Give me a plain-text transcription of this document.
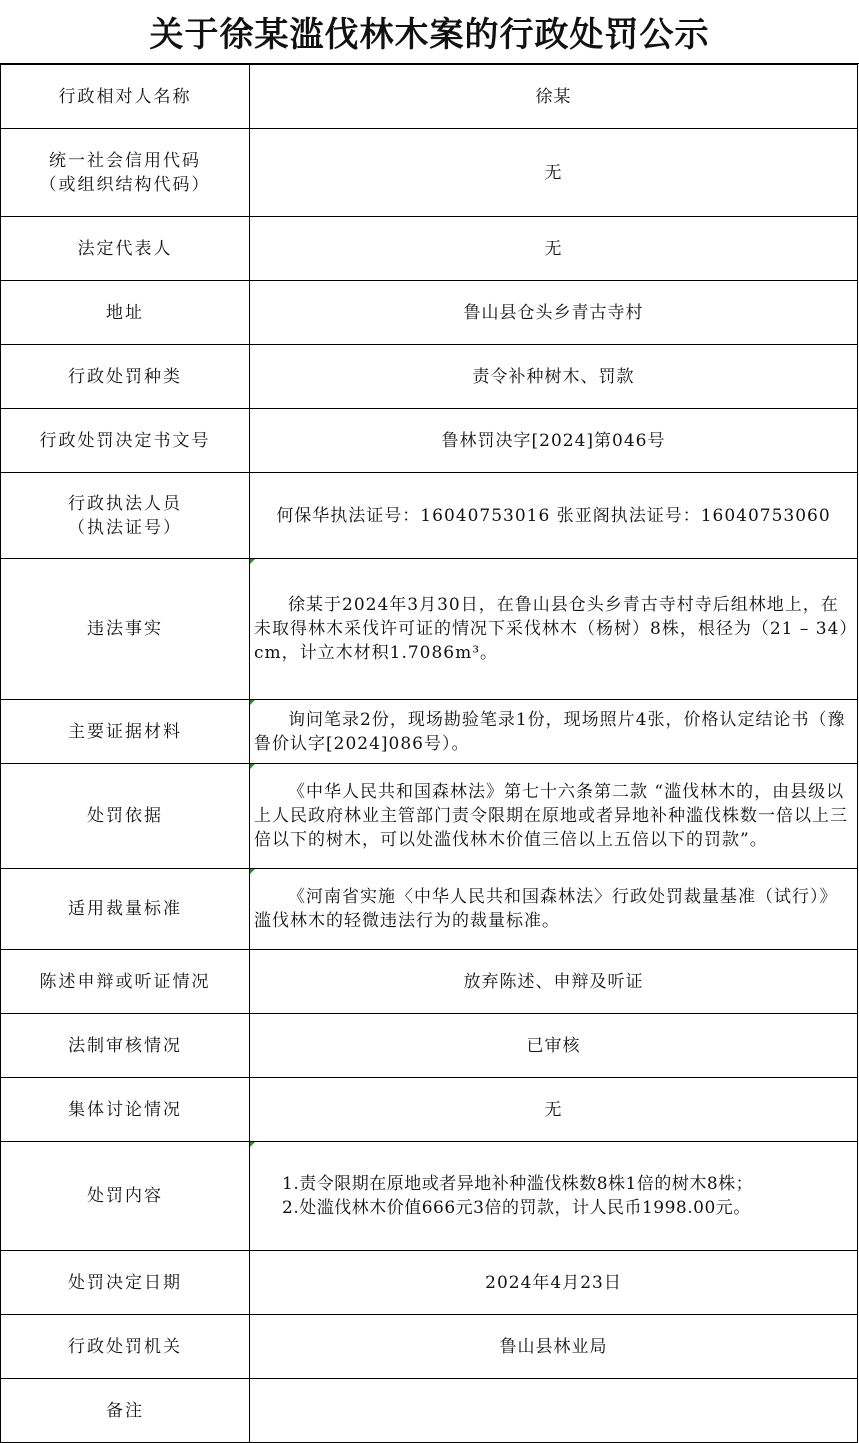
关于徐某滥伐林木案的行政处罚公示
行政相对人名称	徐某

统一社会信用代码
（或组织结构代码）	无
法定代表人	无
地址	鲁山县仓头乡青古寺村
行政处罚种类	责令补种树木、罚款
行政处罚决定书文号	鲁林罚决字[2024]第046号

行政执法人员
（执法证号）	何保华执法证号：16040753016 张亚阁执法证号：16040753060
违法事实	徐某于2024年3月30日，在鲁山县仓头乡青古寺村寺后组林地上，在未取得林木采伐许可证的情况下采伐林木（杨树）8株，根径为（21 – 34）cm，计立木材积1.7086m³。
主要证据材料	询问笔录2份，现场勘验笔录1份，现场照片4张，价格认定结论书（豫鲁价认字[2024]086号）。
处罚依据	《中华人民共和国森林法》第七十六条第二款 “滥伐林木的，由县级以上人民政府林业主管部门责令限期在原地或者异地补种滥伐株数一倍以上三倍以下的树木，可以处滥伐林木价值三倍以上五倍以下的罚款”。
适用裁量标准	《河南省实施〈中华人民共和国森林法〉行政处罚裁量基准（试行）》滥伐林木的轻微违法行为的裁量标准。
陈述申辩或听证情况	放弃陈述、申辩及听证
法制审核情况	已审核
集体讨论情况	无
处罚内容	1.责令限期在原地或者异地补种滥伐株数8株1倍的树木8株；
2.处滥伐林木价值666元3倍的罚款，计人民币1998.00元。

处罚决定日期	2024年4月23日
行政处罚机关	鲁山县林业局
备注	
